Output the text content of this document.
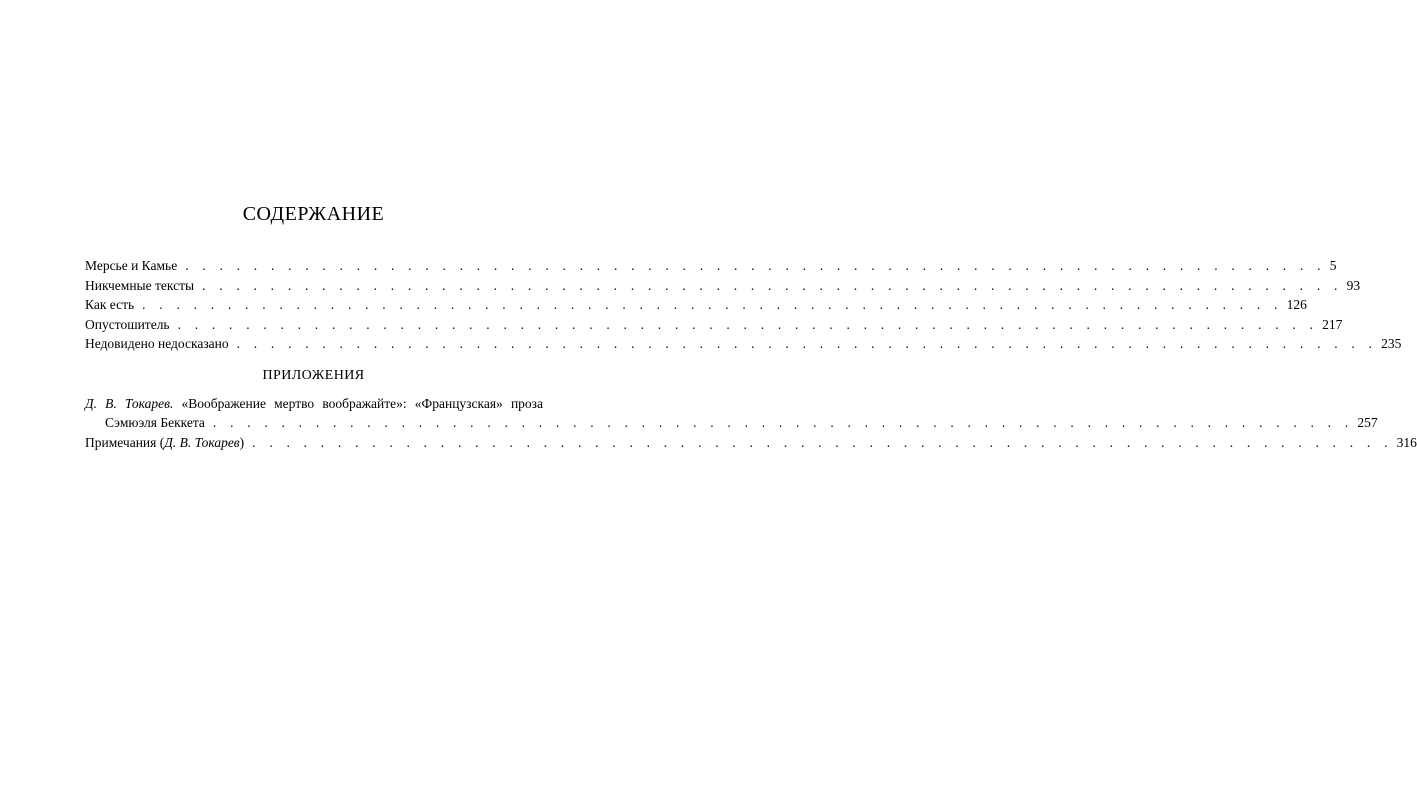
СОДЕРЖАНИЕ
Мерсье и Камье . . . . . . . . . . . . . . . . . . . . . . . . . . . . . . . . . . . . . . . . . . . . . . . . . . . . . . . . . . . . . . . . . . . 5
Никчемные тексты . . . . . . . . . . . . . . . . . . . . . . . . . . . . . . . . . . . . . . . . . . . . . . . . . . . . . . . . . . . . . . . . . . . 93
Как есть . . . . . . . . . . . . . . . . . . . . . . . . . . . . . . . . . . . . . . . . . . . . . . . . . . . . . . . . . . . . . . . . . . . 126
Опустошитель . . . . . . . . . . . . . . . . . . . . . . . . . . . . . . . . . . . . . . . . . . . . . . . . . . . . . . . . . . . . . . . . . . . 217
Недовидено недосказано . . . . . . . . . . . . . . . . . . . . . . . . . . . . . . . . . . . . . . . . . . . . . . . . . . . . . . . . . . . . . . . . . . . 235
ПРИЛОЖЕНИЯ
Д. В. Токарев. «Воображение мертво воображайте»: «Французская» проза
Сэмюэля Беккета . . . . . . . . . . . . . . . . . . . . . . . . . . . . . . . . . . . . . . . . . . . . . . . . . . . . . . . . . . . . . . . . . . . 257
Примечания (Д. В. Токарев) . . . . . . . . . . . . . . . . . . . . . . . . . . . . . . . . . . . . . . . . . . . . . . . . . . . . . . . . . . . . . . . . . . . 316
